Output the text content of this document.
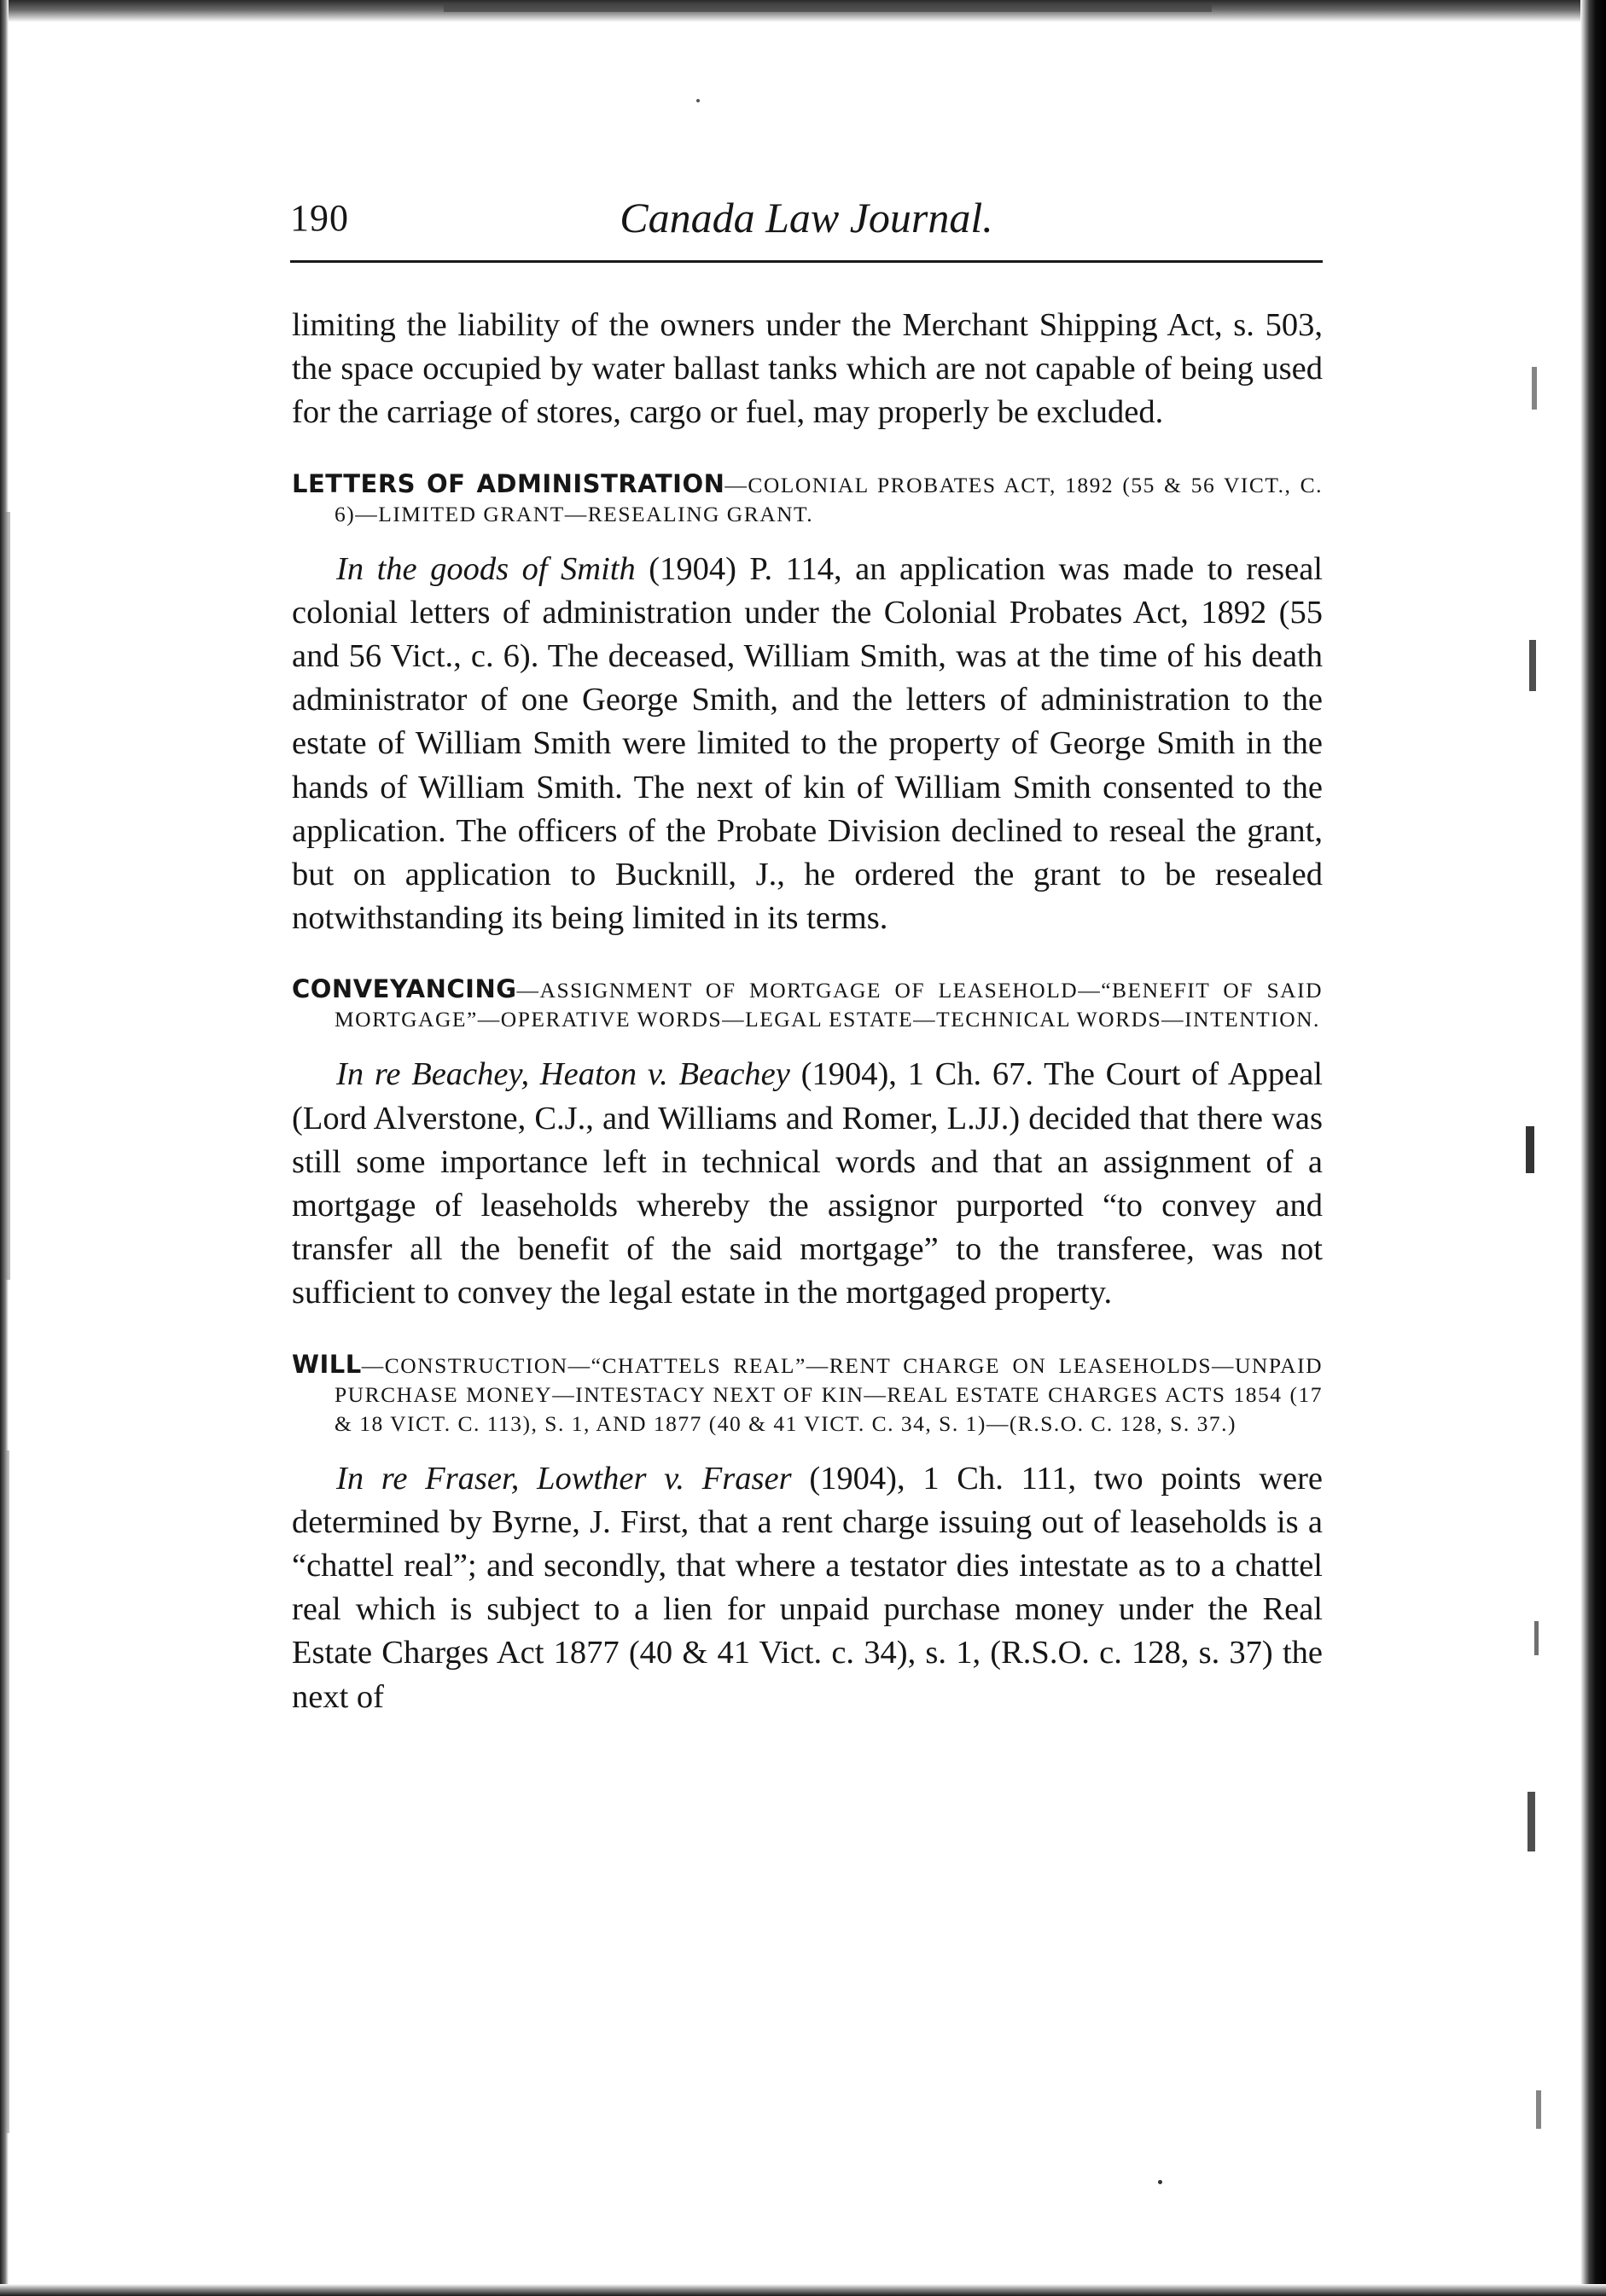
190	Canada Law Journal.

limiting the liability of the owners under the Merchant Shipping Act, s. 503, the space occupied by water ballast tanks which are not capable of being used for the carriage of stores, cargo or fuel, may properly be excluded.

LETTERS OF ADMINISTRATION—COLONIAL PROBATES ACT, 1892 (55 & 56 VICT., C. 6)—LIMITED GRANT—RESEALING GRANT.

In the goods of Smith (1904) P. 114, an application was made to reseal colonial letters of administration under the Colonial Probates Act, 1892 (55 and 56 Vict., c. 6). The deceased, William Smith, was at the time of his death administrator of one George Smith, and the letters of administration to the estate of William Smith were limited to the property of George Smith in the hands of William Smith. The next of kin of William Smith consented to the application. The officers of the Probate Division declined to reseal the grant, but on application to Bucknill, J., he ordered the grant to be resealed notwithstanding its being limited in its terms.

CONVEYANCING—ASSIGNMENT OF MORTGAGE OF LEASEHOLD—“BENEFIT OF SAID MORTGAGE”—OPERATIVE WORDS—LEGAL ESTATE—TECHNICAL WORDS—INTENTION.

In re Beachey, Heaton v. Beachey (1904), 1 Ch. 67. The Court of Appeal (Lord Alverstone, C.J., and Williams and Romer, L.JJ.) decided that there was still some importance left in technical words and that an assignment of a mortgage of leaseholds whereby the assignor purported “to convey and transfer all the benefit of the said mortgage” to the transferee, was not sufficient to convey the legal estate in the mortgaged property.

WILL—CONSTRUCTION—“CHATTELS REAL”—RENT CHARGE ON LEASEHOLDS—UNPAID PURCHASE MONEY—INTESTACY NEXT OF KIN—REAL ESTATE CHARGES ACTS 1854 (17 & 18 VICT. C. 113), S. 1, AND 1877 (40 & 41 VICT. C. 34, S. 1)—(R.S.O. C. 128, S. 37.)

In re Fraser, Lowther v. Fraser (1904), 1 Ch. 111, two points were determined by Byrne, J. First, that a rent charge issuing out of leaseholds is a “chattel real”; and secondly, that where a testator dies intestate as to a chattel real which is subject to a lien for unpaid purchase money under the Real Estate Charges Act 1877 (40 & 41 Vict. c. 34), s. 1, (R.S.O. c. 128, s. 37) the next of
